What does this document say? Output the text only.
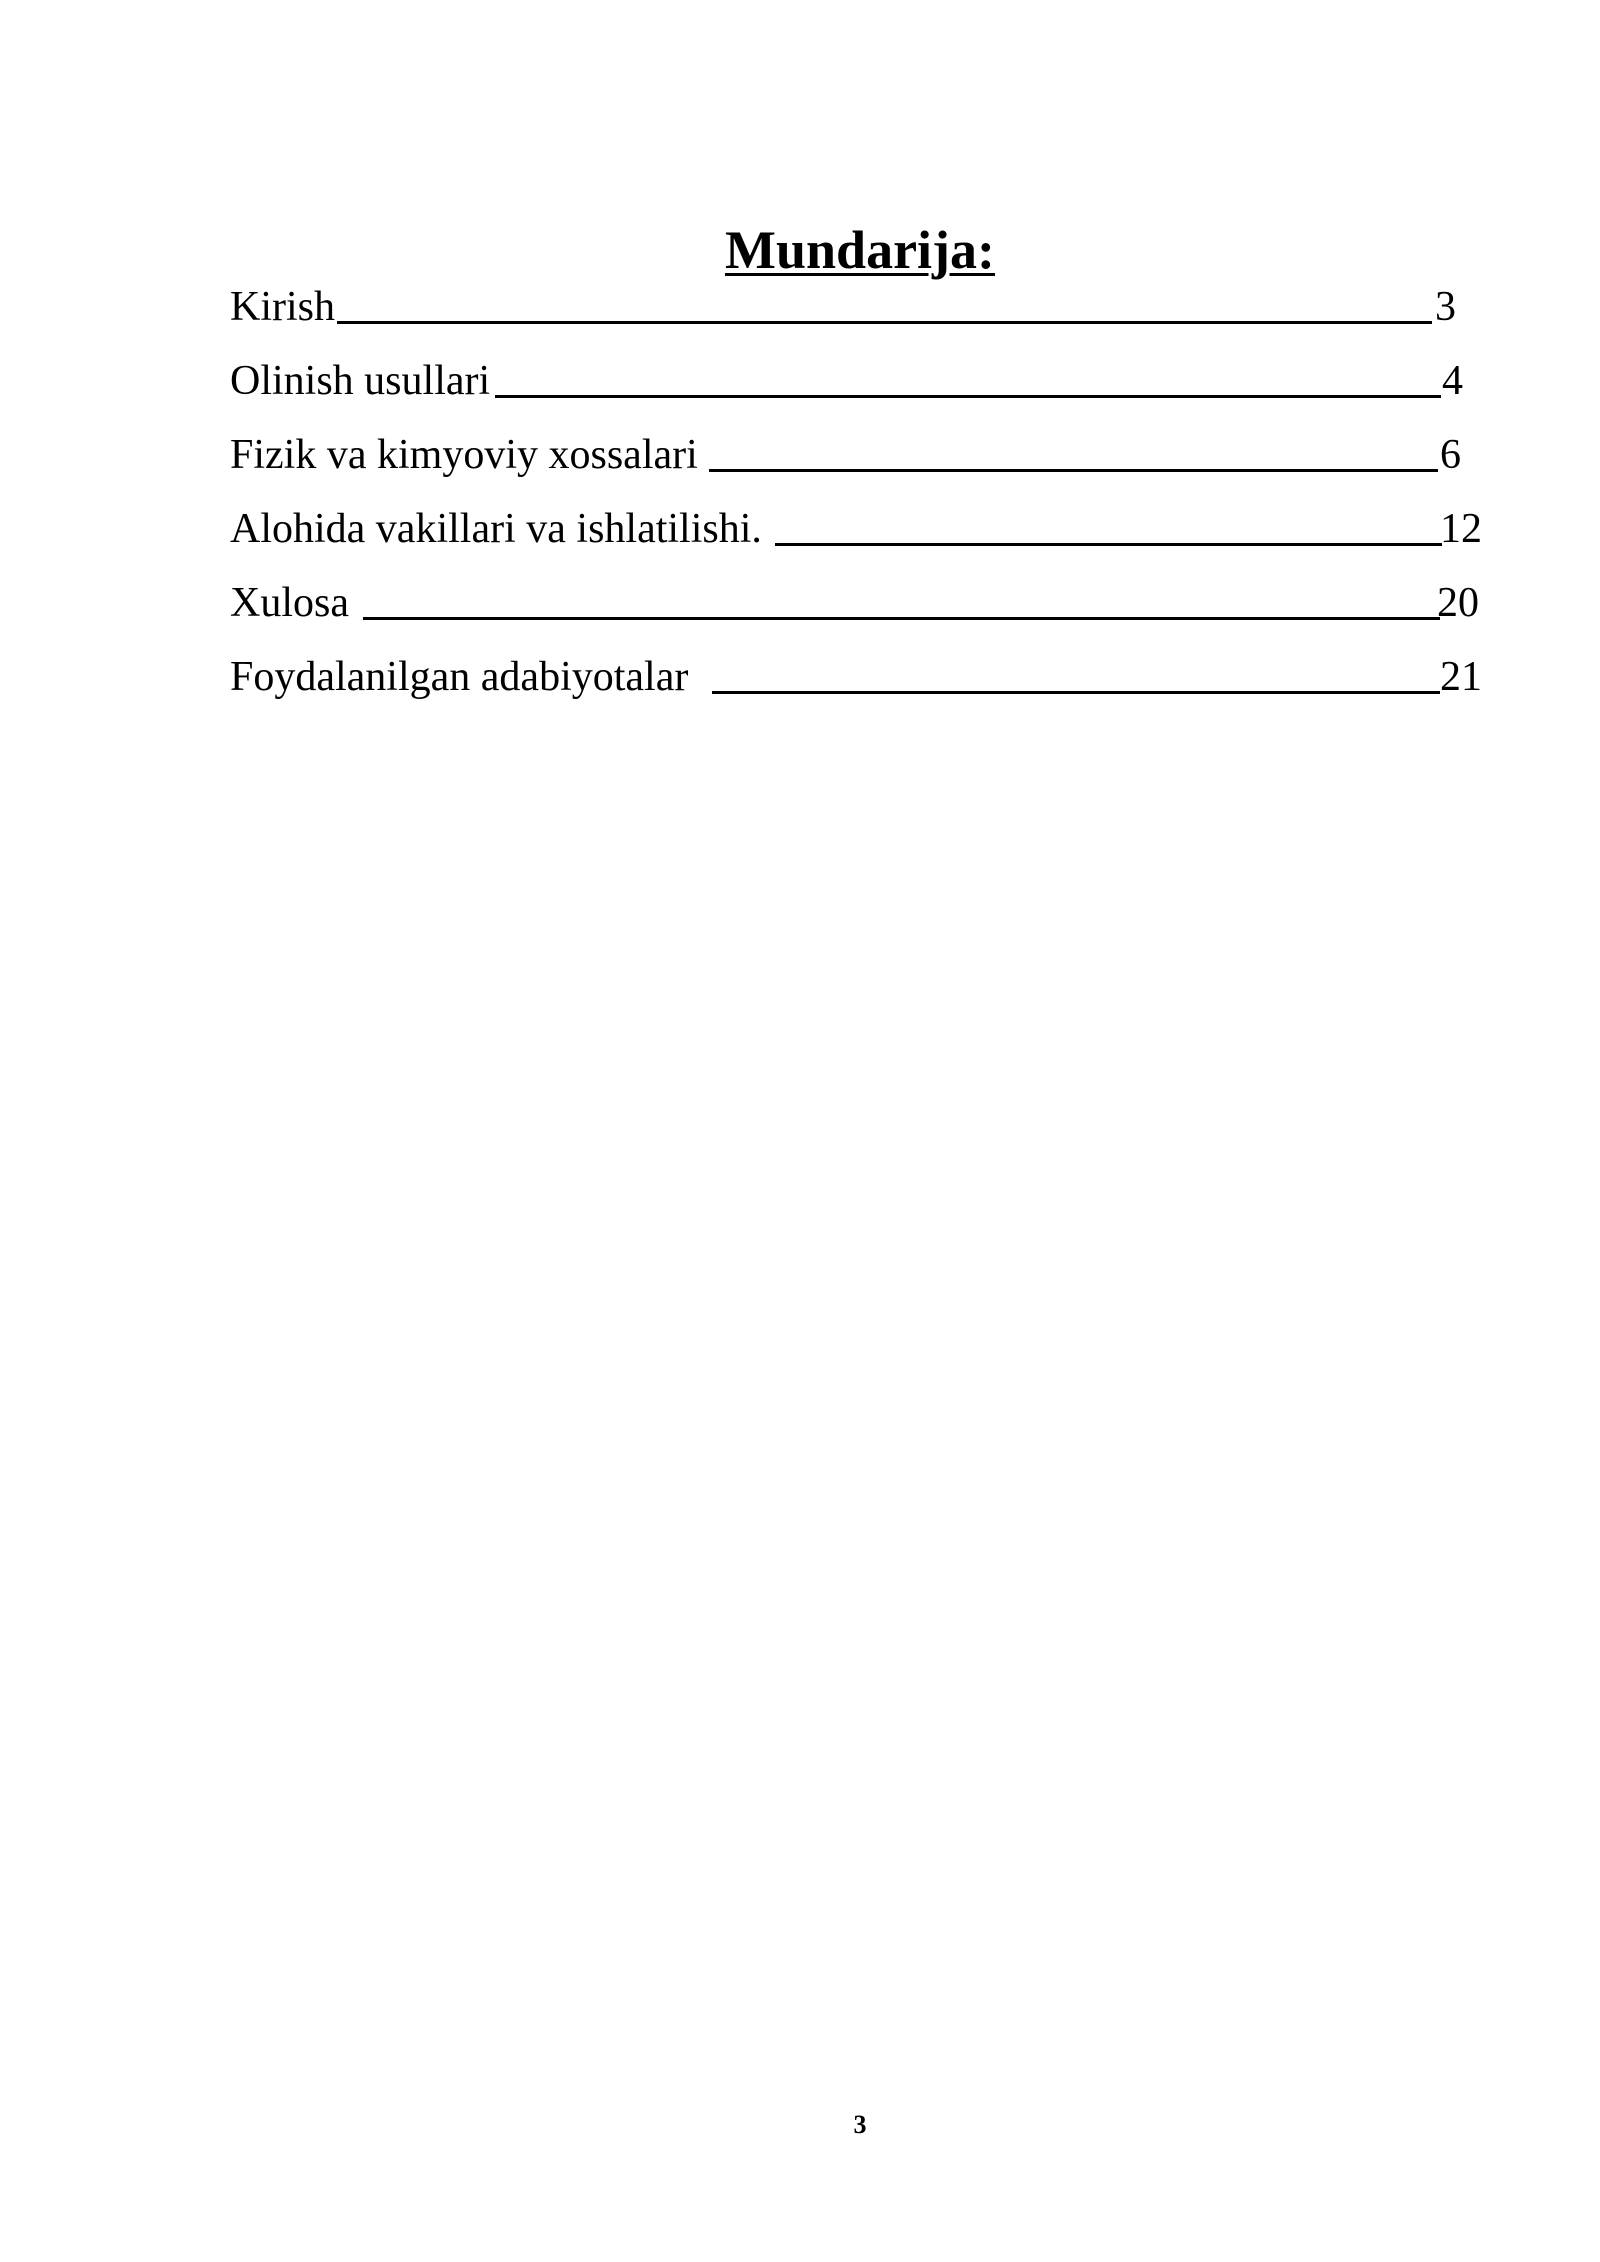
Mundarija:
Kirish	3
Olinish usullari	4
Fizik va kimyoviy xossalari	6
Alohida vakillari va ishlatilishi.	12
Xulosa	20
Foydalanilgan adabiyotalar	21
3
